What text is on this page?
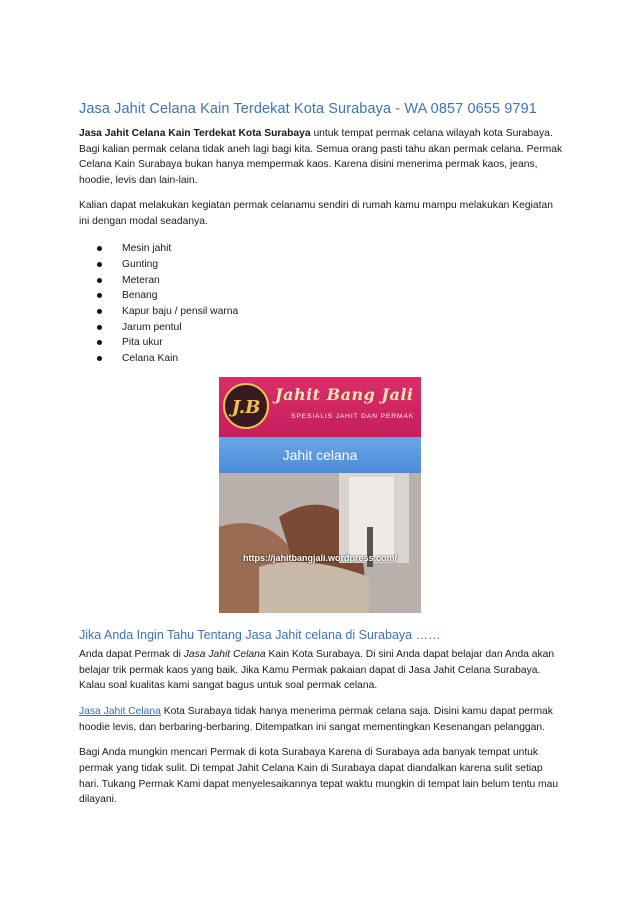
Jasa Jahit Celana Kain Terdekat Kota Surabaya - WA 0857 0655 9791

Jasa Jahit Celana Kain Terdekat Kota Surabaya untuk tempat permak celana wilayah kota Surabaya. Bagi kalian permak celana tidak aneh lagi bagi kita. Semua orang pasti tahu akan permak celana. Permak Celana Kain Surabaya bukan hanya mempermak kaos. Karena disini menerima permak kaos, jeans, hoodie, levis dan lain-lain.

Kalian dapat melakukan kegiatan permak celanamu sendiri di rumah kamu mampu melakukan Kegiatan ini dengan modal seadanya.

Mesin jahit
Gunting
Meteran
Benang
Kapur baju / pensil warna
Jarum pentul
Pita ukur
Celana Kain
J.B
Jahit Bang Jali
SPESIALIS JAHIT DAN PERMAK
Jahit celana
https://jahitbangjali.wordpress.com/
Jika Anda Ingin Tahu Tentang Jasa Jahit celana di Surabaya ……

Anda dapat Permak di Jasa Jahit Celana Kain Kota Surabaya. Di sini Anda dapat belajar dan Anda akan belajar trik permak kaos yang baik. Jika Kamu Permak pakaian dapat di Jasa Jahit Celana Surabaya. Kalau soal kualitas kami sangat bagus untuk soal permak celana.

Jasa Jahit Celana Kota Surabaya tidak hanya menerima permak celana saja. Disini kamu dapat permak hoodie levis, dan berbaring-berbaring. Ditempatkan ini sangat mementingkan Kesenangan pelanggan.

Bagi Anda mungkin mencari Permak di kota Surabaya Karena di Surabaya ada banyak tempat untuk permak yang tidak sulit. Di tempat Jahit Celana Kain di Surabaya dapat diandalkan karena sulit setiap hari. Tukang Permak Kami dapat menyelesaikannya tepat waktu mungkin di tempat lain belum tentu mau dilayani.
